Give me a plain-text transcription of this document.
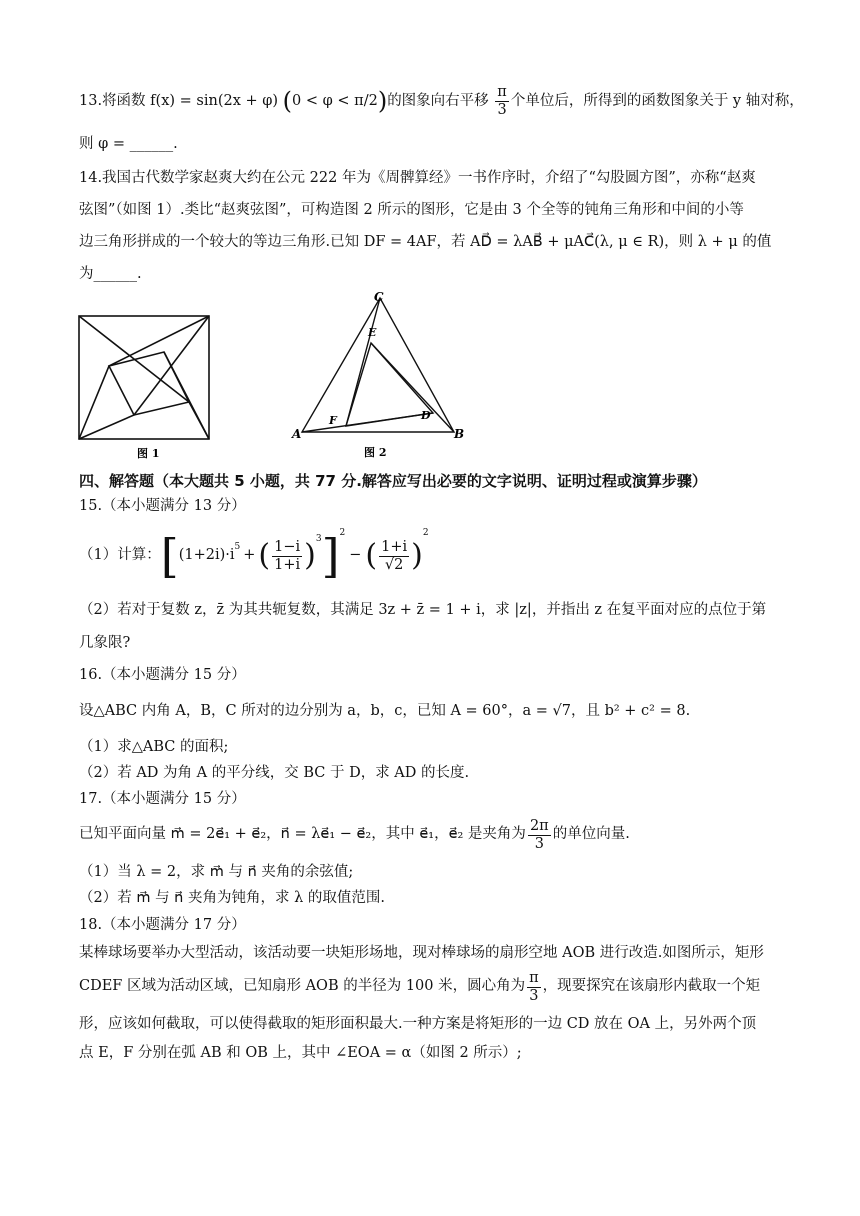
13.将函数 f(x) = sin(2x + φ) (0 < φ < π/2)的图象向右平移 $\frac{\pi}{3}$ 个单位后，所得到的函数图象关于 y 轴对称，
则 φ = ______.
14.我国古代数学家赵爽大约在公元 222 年为《周髀算经》一书作序时，介绍了“勾股圆方图”，亦称“赵爽
弦图”（如图 1）.类比“赵爽弦图”，可构造图 2 所示的图形，它是由 3 个全等的钝角三角形和中间的小等
边三角形拼成的一个较大的等边三角形.已知 DF = 4AF，若 AD⃗ = λAB⃗ + μAC⃗(λ, μ ∈ R)，则 λ + μ 的值
为______.
图 1
A	B
C
D
E
F
图 2
四、解答题（本大题共 5 小题，共 77 分.解答应写出必要的文字说明、证明过程或演算步骤）
15.（本小题满分 13 分）
（1）计算： [ (1+2i)·i
$^5$
+ ( $\frac{1-i}{1+i} )^3$ ]$^2$
− ( $\frac{1+i}{√2}$ )
$^2$
（2）若对于复数 z，z̄ 为其共轭复数，其满足 3z + z̄ = 1 + i，求 |z|，并指出 z 在复平面对应的点位于第
几象限?
16.（本小题满分 15 分）
设△ABC 内角 A，B，C 所对的边分别为 a，b，c，已知 A = 60°，a = √7，且 b² + c² = 8.
（1）求△ABC 的面积;
（2）若 AD 为角 A 的平分线，交 BC 于 D，求 AD 的长度.
17.（本小题满分 15 分）
已知平面向量 m⃗ = 2e⃗₁ + e⃗₂，n⃗ = λe⃗₁ − e⃗₂，其中 e⃗₁，e⃗₂ 是夹角为 $\frac{2\pi}{3}$ 的单位向量.
（1）当 λ = 2，求 m⃗ 与 n⃗ 夹角的余弦值;
（2）若 m⃗ 与 n⃗ 夹角为钝角，求 λ 的取值范围.
18.（本小题满分 17 分）
某棒球场要举办大型活动，该活动要一块矩形场地，现对棒球场的扇形空地 AOB 进行改造.如图所示，矩形
CDEF 区域为活动区域，已知扇形 AOB 的半径为 100 米，圆心角为 $\frac{\pi}{3}$ ，现要探究在该扇形内截取一个矩
形，应该如何截取，可以使得截取的矩形面积最大.一种方案是将矩形的一边 CD 放在 OA 上，另外两个顶
点 E，F 分别在弧 AB 和 OB 上，其中 ∠EOA = α（如图 2 所示）;
